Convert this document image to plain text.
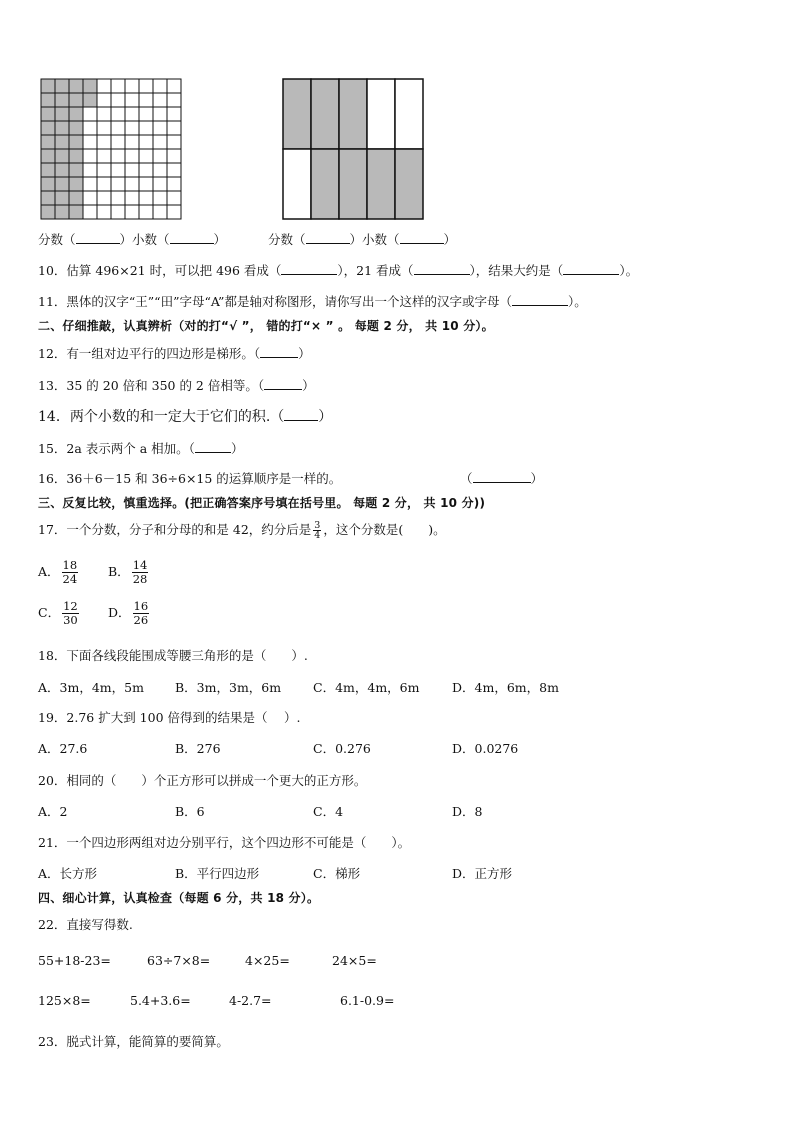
分数（	）小数（	）	分数（	）小数（	）
10．估算 496×21 时，可以把 496 看成（	），21 看成（	），结果大约是（	）。
11．黑体的汉字“王”“田”字母“A”都是轴对称图形，请你写出一个这样的汉字或字母（	）。
二、仔细推敲，认真辨析（对的打“√ ”， 错的打“× ” 。 每题 2 分， 共 10 分）。
12．有一组对边平行的四边形是梯形。（	）
13．35 的 20 倍和 350 的 2 倍相等。（	）
14．两个小数的和一定大于它们的积.（ ）
15．2a 表示两个 a 相加。（	）
16．36＋6－15 和 36÷6×15 的运算顺序是一样的。	（	）
三、反复比较，慎重选择。(把正确答案序号填在括号里。 每题 2 分， 共 10 分))
17．一个分数，分子和分母的和是 42，约分后是 $\frac{3}{4}$ ，这个分数是(　　)。
A． $\frac{18}{24}$ B． $\frac{14}{28}$
C． $\frac{12}{30}$ D． $\frac{16}{26}$
18．下面各线段能围成等腰三角形的是（　　）.
A．3m，4m，5m B．3m，3m，6m	C．4m，4m，6m	D．4m，6m，8m
19．2.76 扩大到 100 倍得到的结果是（　 ）.
A．27.6	B．276	C．0.276	D．0.0276
20．相同的（　　）个正方形可以拼成一个更大的正方形。
A．2	B．6	C．4	D．8
21．一个四边形两组对边分别平行，这个四边形不可能是（　　）。
A．长方形	B．平行四边形	C．梯形	D．正方形
四、细心计算，认真检查（每题 6 分，共 18 分）。
22．直接写得数.
55+18-23=	63÷7×8=	4×25=	24×5=
125×8=	5.4+3.6=	4-2.7=	6.1-0.9=
23．脱式计算，能简算的要简算。
